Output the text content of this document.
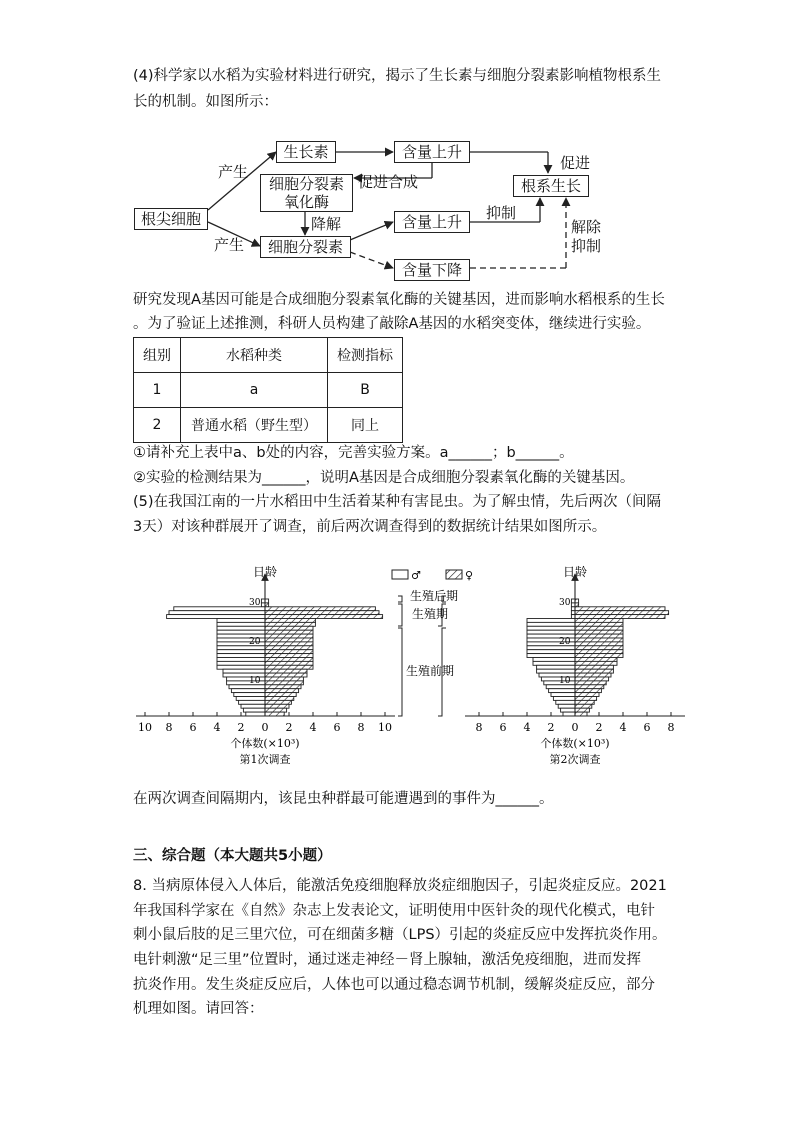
(4)科学家以水稻为实验材料进行研究，揭示了生长素与细胞分裂素影响植物根系生
长的机制。如图所示：
根尖细胞
生长素
细胞分裂素
氧化酶
细胞分裂素
含量上升
含量上升
含量下降
根系生长
产生
产生
促进合成
降解
促进
抑制
解除
抑制
研究发现A基因可能是合成细胞分裂素氧化酶的关键基因，进而影响水稻根系的生长
。为了验证上述推测，科研人员构建了敲除A基因的水稻突变体，继续进行实验。
组别	水稻种类	检测指标
1	a	B
2	普通水稻（野生型）	同上
①请补充上表中a、b处的内容，完善实验方案。a______；b______。
②实验的检测结果为______，说明A基因是合成细胞分裂素氧化酶的关键基因。
(5)在我国江南的一片水稻田中生活着某种有害昆虫。为了解虫情，先后两次（间隔
3天）对该种群展开了调查，前后两次调查得到的数据统计结果如图所示。
日龄
30
20
10
10 8 6 4 2 0 2 4 6 8 10
个体数(×10³)
第1次调查
日龄
30
20
10
8 6 4 2 0 2 4 6 8
个体数(×10³)
第2次调查
♂	♀
生殖后期
生殖期
生殖前期
在两次调查间隔期内，该昆虫种群最可能遭遇到的事件为______。
三、综合题（本大题共5小题）
8. 当病原体侵入人体后，能激活免疫细胞释放炎症细胞因子，引起炎症反应。2021
年我国科学家在《自然》杂志上发表论文，证明使用中医针灸的现代化模式，电针
刺小鼠后肢的足三里穴位，可在细菌多糖（LPS）引起的炎症反应中发挥抗炎作用。
电针刺激“足三里”位置时，通过迷走神经－肾上腺轴，激活免疫细胞，进而发挥
抗炎作用。发生炎症反应后，人体也可以通过稳态调节机制，缓解炎症反应，部分
机理如图。请回答：
